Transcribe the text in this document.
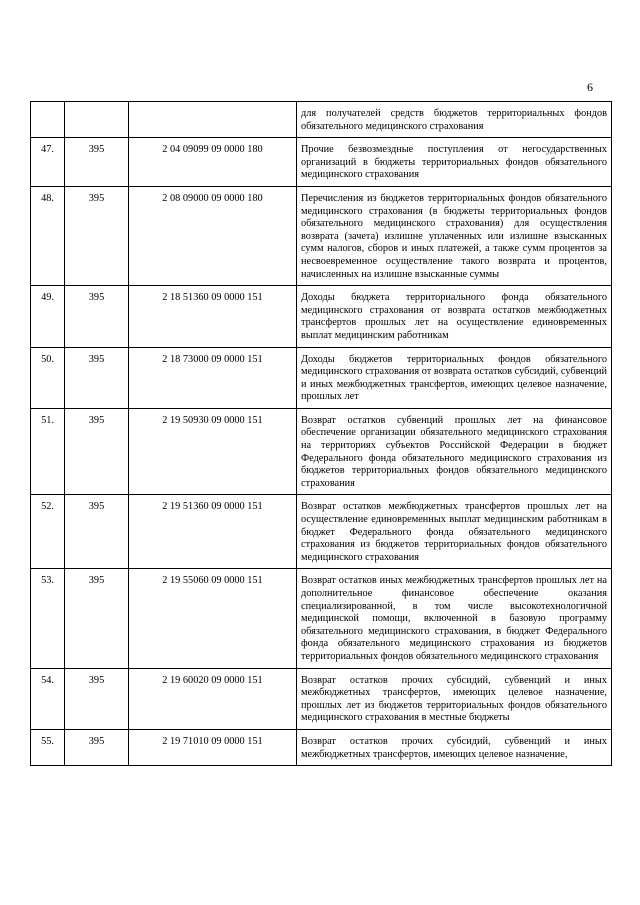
6
			для получателей средств бюджетов территориальных фондов обязательного медицинского страхования
47.	395	2 04 09099 09 0000 180	Прочие безвозмездные поступления от негосударственных организаций в бюджеты территориальных фондов обязательного медицинского страхования
48.	395	2 08 09000 09 0000 180	Перечисления из бюджетов территориальных фондов обязательного медицинского страхования (в бюджеты территориальных фондов обязательного медицинского страхования) для осуществления возврата (зачета) излишне уплаченных или излишне взысканных сумм налогов, сборов и иных платежей, а также сумм процентов за несвоевременное осуществление такого возврата и процентов, начисленных на излишне взысканные суммы
49.	395	2 18 51360 09 0000 151	Доходы бюджета территориального фонда обязательного медицинского страхования от возврата остатков межбюджетных трансфертов прошлых лет на осуществление единовременных выплат медицинским работникам
50.	395	2 18 73000 09 0000 151	Доходы бюджетов территориальных фондов обязательного медицинского страхования от возврата остатков субсидий, субвенций и иных межбюджетных трансфертов, имеющих целевое назначение, прошлых лет
51.	395	2 19 50930 09 0000 151	Возврат остатков субвенций прошлых лет на финансовое обеспечение организации обязательного медицинского страхования на территориях субъектов Российской Федерации в бюджет Федерального фонда обязательного медицинского страхования из бюджетов территориальных фондов обязательного медицинского страхования
52.	395	2 19 51360 09 0000 151	Возврат остатков межбюджетных трансфертов прошлых лет на осуществление единовременных выплат медицинским работникам в бюджет Федерального фонда обязательного медицинского страхования из бюджетов территориальных фондов обязательного медицинского страхования
53.	395	2 19 55060 09 0000 151	Возврат остатков иных межбюджетных трансфертов прошлых лет на дополнительное финансовое обеспечение оказания специализированной, в том числе высокотехнологичной медицинской помощи, включенной в базовую программу обязательного медицинского страхования, в бюджет Федерального фонда обязательного медицинского страхования из бюджетов территориальных фондов обязательного медицинского страхования
54.	395	2 19 60020 09 0000 151	Возврат остатков прочих субсидий, субвенций и иных межбюджетных трансфертов, имеющих целевое назначение, прошлых лет из бюджетов территориальных фондов обязательного медицинского страхования в местные бюджеты
55.	395	2 19 71010 09 0000 151	Возврат остатков прочих субсидий, субвенций и иных межбюджетных трансфертов, имеющих целевое назначение,
